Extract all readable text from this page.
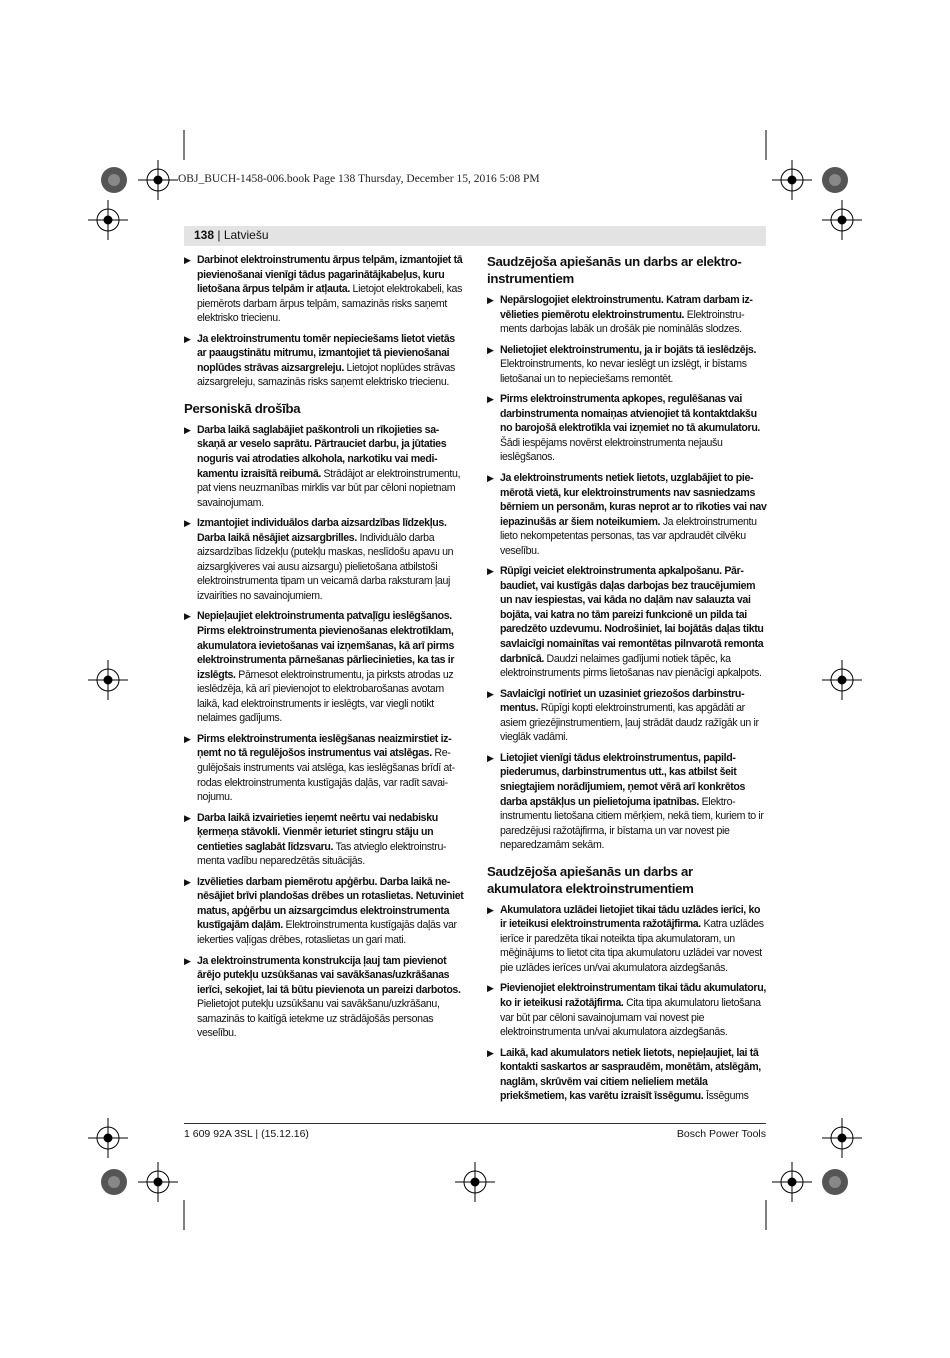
OBJ_BUCH-1458-006.book Page 138 Thursday, December 15, 2016 5:08 PM
138 | Latviešu
▶ Darbinot elektroinstrumentu ārpus telpām, izmantojiet tā pievienošanai vienīgi tādus pagarinātājkabeļus, kuru lietošana ārpus telpām ir atļauta. Lietojot elektrokabeli, kas piemērots darbam ārpus telpām, samazinās risks saņemt elektrisko triecienu.
▶ Ja elektroinstrumentu tomēr nepieciešams lietot vietās ar paaugstinātu mitrumu, izmantojiet tā pievienošanai noplūdes strāvas aizsargreleju. Lietojot noplūdes strāvas aizsargreleju, samazinās risks saņemt elektrisko triecienu.
Personiskā drošība
▶ Darba laikā saglabājiet paškontroli un rīkojieties saskaņā ar veselo saprātu. Pārtrauciet darbu, ja jūtaties noguris vai atrodaties alkohola, narkotiku vai medikamentu izraisītā reibumā. Strādājot ar elektroinstrumentu, pat viens neuzmanības mirklis var būt par cēloni nopietnam savainojumam.
▶ Izmantojiet individuālos darba aizsardzības līdzekļus. Darba laikā nēsājiet aizsargbrilles. Individuālo darba aizsardzības līdzekļu (putekļu maskas, neslīdošu apavu un aizsargķiveres vai ausu aizsargu) pielietošana atbilstoši elektroinstrumenta tipam un veicamā darba raksturam ļauj izvairīties no savainojumiem.
▶ Nepieļaujiet elektroinstrumenta patvaļīgu ieslēgšanos. Pirms elektroinstrumenta pievienošanas elektrotīklam, akumulatora ievietošanas vai izņemšanas, kā arī pirms elektroinstrumenta pārnešanas pārliecinieties, ka tas ir izslēgts. Pārnesot elektroinstrumentu, ja pirksts atrodas uz ieslēdzēja, kā arī pievienojot to elektrobarošanas avotam laikā, kad elektroinstruments ir ieslēgts, var viegli notikt nelaimes gadījums.
▶ Pirms elektroinstrumenta ieslēgšanas neaizmirstiet izņemt no tā regulējošos instrumentus vai atslēgas. Regulējošais instruments vai atslēga, kas ieslēgšanas brīdī atrodas elektroinstrumenta kustīgajās daļās, var radīt savainojumu.
▶ Darba laikā izvairieties ieņemt neērtu vai nedabisku ķermeņa stāvokli. Vienmēr ieturiet stingru stāju un centieties saglabāt līdzsvaru. Tas atvieglo elektroinstrumenta vadību neparedzētās situācijās.
▶ Izvēlieties darbam piemērotu apģērbu. Darba laikā nenēsājiet brīvi plandošas drēbes un rotaslietas. Netuviniet matus, apģērbu un aizsargcimdus elektroinstrumenta kustīgajām daļām. Elektroinstrumenta kustīgajās daļās var iekerties vaļīgas drēbes, rotaslietas un gari mati.
▶ Ja elektroinstrumenta konstrukcija ļauj tam pievienot ārējo putekļu uzsūkšanas vai savākšanas/uzkrāšanas ierīci, sekojiet, lai tā būtu pievienota un pareizi darbotos. Pielietojot putekļu uzsūkšanu vai savākšanu/uzkrāšanu, samazinās to kaitīgā ietekme uz strādājošās personas veselību.
Saudzējoša apiešanās un darbs ar elektroinstrumentiem
▶ Nepārslogojiet elektroinstrumentu. Katram darbam izvēlieties piemērotu elektroinstrumentu. Elektroinstruments darbojas labāk un drošāk pie nominālās slodzes.
▶ Nelietojiet elektroinstrumentu, ja ir bojāts tā ieslēdzējs. Elektroinstruments, ko nevar ieslēgt un izslēgt, ir bīstams lietošanai un to nepieciešams remontēt.
▶ Pirms elektroinstrumenta apkopes, regulēšanas vai darbinstrumenta nomaiņas atvienojiet tā kontaktdakšu no barojošā elektrotīkla vai izņemiet no tā akumulatoru. Šādi iespējams novērst elektroinstrumenta nejaušu ieslēgšanos.
▶ Ja elektroinstruments netiek lietots, uzglabājiet to piemērotā vietā, kur elektroinstruments nav sasniedzams bērniem un personām, kuras neprot ar to rīkoties vai nav iepazinušās ar šiem noteikumiem. Ja elektroinstrumentu lieto nekompetentas personas, tas var apdraudēt cilvēku veselību.
▶ Rūpīgi veiciet elektroinstrumenta apkalpošanu. Pārbaudiet, vai kustīgās daļas darbojas bez traucējumiem un nav iespiestas, vai kāda no daļām nav salauzta vai bojāta, vai katra no tām pareizi funkcionē un pilda tai paredzēto uzdevumu. Nodrošiniet, lai bojātās daļas tiktu savlaicīgi nomainītas vai remontētas pilnvarotā remonta darbnīcā. Daudzi nelaimes gadījumi notiek tāpēc, ka elektroinstruments pirms lietošanas nav pienācīgi apkalpots.
▶ Savlaicīgi notīriet un uzasiniet griezošos darbinstrumentus. Rūpīgi kopti elektroinstrumenti, kas apgādāti ar asiem griezējinstrumentiem, ļauj strādāt daudz ražīgāk un ir vieglāk vadāmi.
▶ Lietojiet vienīgi tādus elektroinstrumentus, papildpiederumus, darbinstrumentus utt., kas atbilst šeit sniegtajiem norādījumiem, ņemot vērā arī konkrētos darba apstākļus un pielietojuma ipatnības. Elektroinstrumentu lietošana citiem mērķiem, nekā tiem, kuriem to ir paredzējusi ražotājfirma, ir bīstama un var novest pie neparedzamām sekām.
Saudzējoša apiešanās un darbs ar akumulatora elektroinstrumentiem
▶ Akumulatora uzlādei lietojiet tikai tādu uzlādes ierīci, ko ir ieteikusi elektroinstrumenta ražotājfirma. Katra uzlādes ierīce ir paredzēta tikai noteikta tipa akumulatoram, un mēģinājums to lietot cita tipa akumulatoru uzlādei var novest pie uzlādes ierīces un/vai akumulatora aizdegšanās.
▶ Pievienojiet elektroinstrumentam tikai tādu akumulatoru, ko ir ieteikusi ražotājfirma. Cita tipa akumulatoru lietošana var būt par cēloni savainojumam vai novest pie elektroinstrumenta un/vai akumulatora aizdegšanās.
▶ Laikā, kad akumulators netiek lietots, nepieļaujiet, lai tā kontakti saskartos ar saspraudēm, monētām, atslēgām, naglām, skrūvēm vai citiem nelieliem metāla priekšmetiem, kas varētu izraisīt īssēgumu. Īssēgums
1 609 92A 3SL | (15.12.16)	Bosch Power Tools
